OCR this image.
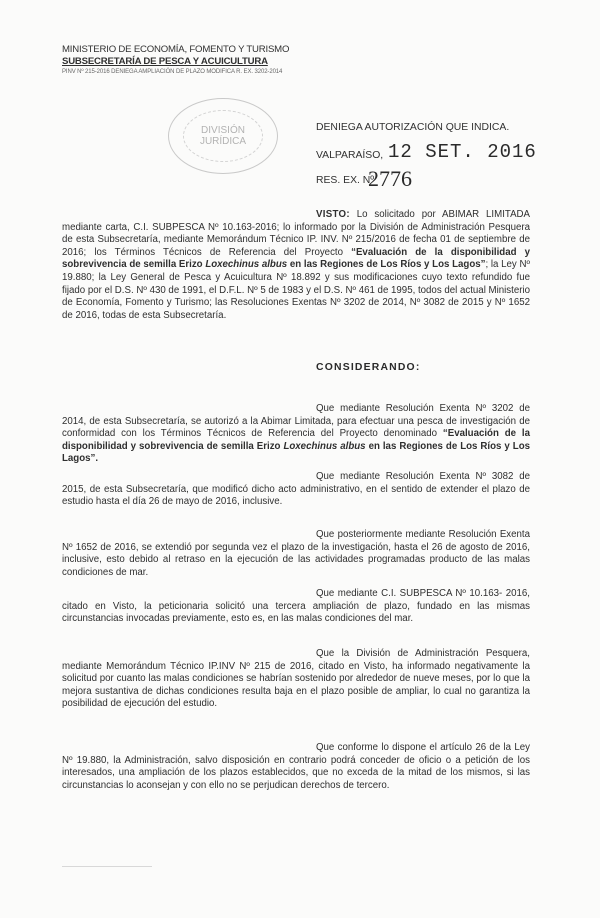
MINISTERIO DE ECONOMÍA, FOMENTO Y TURISMO
SUBSECRETARÍA DE PESCA Y ACUICULTURA
PINV Nº 215-2016 DENIEGA AMPLIACIÓN DE PLAZO MODIFICA R. EX. 3202-2014
DIVISIÓN
JURÍDICA
DENIEGA AUTORIZACIÓN QUE INDICA.
VALPARAÍSO, 12 SET. 2016
RES. EX. Nº
2776

VISTO: Lo solicitado por ABIMAR LIMITADA mediante carta, C.I. SUBPESCA Nº 10.163-2016; lo informado por la División de Administración Pesquera de esta Subsecretaría, mediante Memorándum Técnico IP. INV. Nº 215/2016 de fecha 01 de septiembre de 2016; los Términos Técnicos de Referencia del Proyecto “Evaluación de la disponibilidad y sobrevivencia de semilla Erizo Loxechinus albus en las Regiones de Los Ríos y Los Lagos”; la Ley Nº 19.880; la Ley General de Pesca y Acuicultura Nº 18.892 y sus modificaciones cuyo texto refundido fue fijado por el D.S. Nº 430 de 1991, el D.F.L. Nº 5 de 1983 y el D.S. Nº 461 de 1995, todos del actual Ministerio de Economía, Fomento y Turismo; las Resoluciones Exentas Nº 3202 de 2014, Nº 3082 de 2015 y Nº 1652 de 2016, todas de esta Subsecretaría.

CONSIDERANDO:

Que mediante Resolución Exenta Nº 3202 de 2014, de esta Subsecretaría, se autorizó a la Abimar Limitada, para efectuar una pesca de investigación de conformidad con los Términos Técnicos de Referencia del Proyecto denominado “Evaluación de la disponibilidad y sobrevivencia de semilla Erizo Loxechinus albus en las Regiones de Los Ríos y Los Lagos”.

Que mediante Resolución Exenta Nº 3082 de 2015, de esta Subsecretaría, que modificó dicho acto administrativo, en el sentido de extender el plazo de estudio hasta el día 26 de mayo de 2016, inclusive.

Que posteriormente mediante Resolución Exenta Nº 1652 de 2016, se extendió por segunda vez el plazo de la investigación, hasta el 26 de agosto de 2016, inclusive, esto debido al retraso en la ejecución de las actividades programadas producto de las malas condiciones de mar.

Que mediante C.I. SUBPESCA Nº 10.163- 2016, citado en Visto, la peticionaria solicitó una tercera ampliación de plazo, fundado en las mismas circunstancias invocadas previamente, esto es, en las malas condiciones del mar.

Que la División de Administración Pesquera, mediante Memorándum Técnico IP.INV Nº 215 de 2016, citado en Visto, ha informado negativamente la solicitud por cuanto las malas condiciones se habrían sostenido por alrededor de nueve meses, por lo que la mejora sustantiva de dichas condiciones resulta baja en el plazo posible de ampliar, lo cual no garantiza la posibilidad de ejecución del estudio.

Que conforme lo dispone el artículo 26 de la Ley Nº 19.880, la Administración, salvo disposición en contrario podrá conceder de oficio o a petición de los interesados, una ampliación de los plazos establecidos, que no exceda de la mitad de los mismos, si las circunstancias lo aconsejan y con ello no se perjudican derechos de tercero.
